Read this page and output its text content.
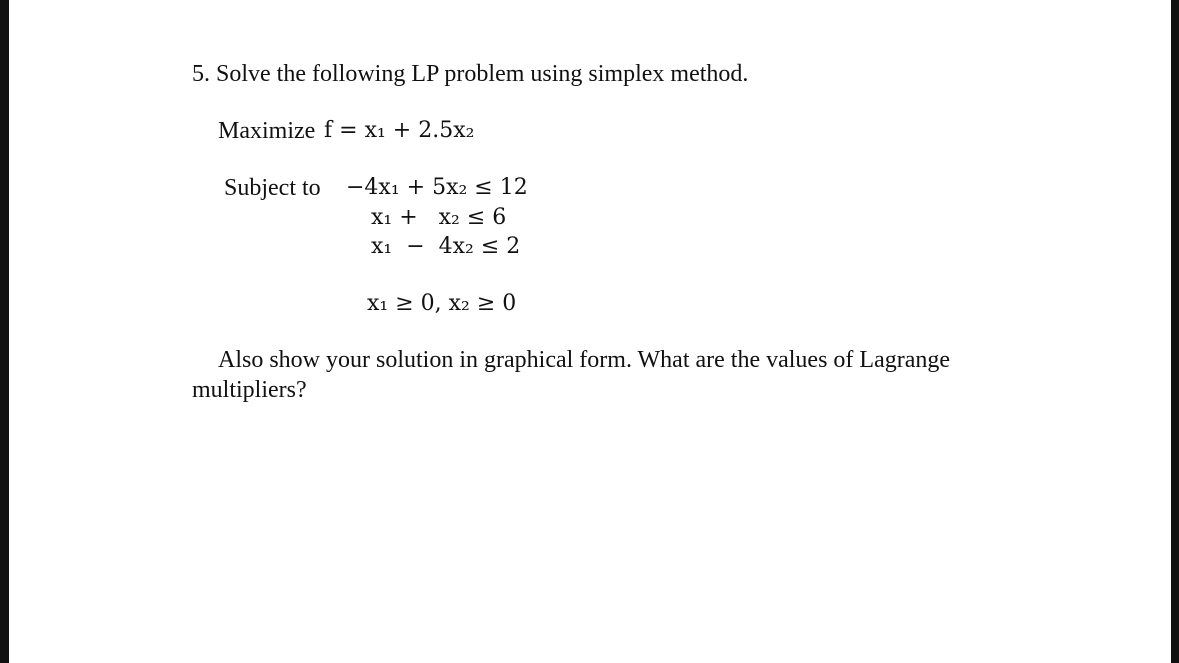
5. Solve the following LP problem using simplex method.
Maximize f = x₁ + 2.5x₂
Subject to −4x₁ + 5x₂ ≤ 12
x₁ +   x₂ ≤ 6
x₁  −  4x₂ ≤ 2
x₁ ≥ 0, x₂ ≥ 0
Also show your solution in graphical form. What are the values of Lagrange
multipliers?
